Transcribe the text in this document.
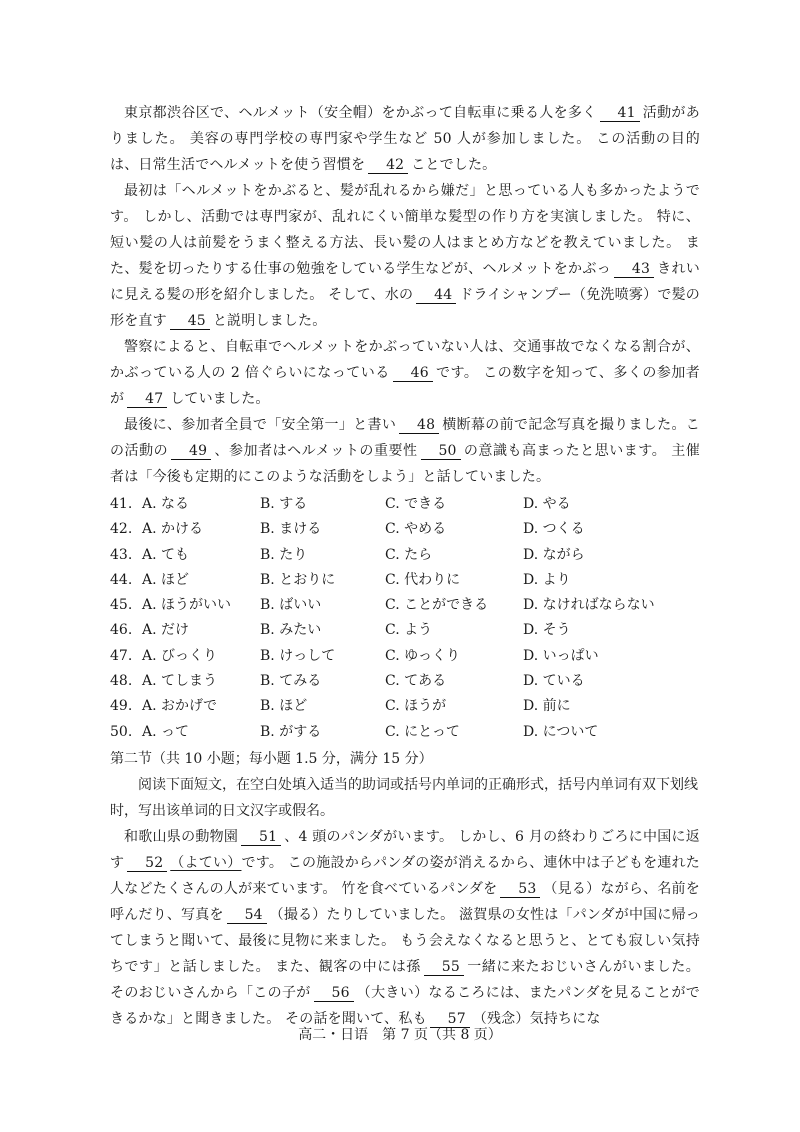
東京都渋谷区で、ヘルメット（安全帽）をかぶって自転車に乗る人を多く 41 活動がありました。 美容の専門学校の専門家や学生など 50 人が参加しました。 この活動の目的は、日常生活でヘルメットを使う習慣を 42 ことでした。

最初は「ヘルメットをかぶると、髪が乱れるから嫌だ」と思っている人も多かったようです。 しかし、活動では専門家が、乱れにくい簡単な髪型の作り方を実演しました。 特に、短い髪の人は前髪をうまく整える方法、長い髪の人はまとめ方などを教えていました。 また、髪を切ったりする仕事の勉強をしている学生などが、ヘルメットをかぶっ 43 きれいに見える髪の形を紹介しました。 そして、水の 44 ドライシャンプー（免洗喷雾）で髪の形を直す 45 と説明しました。

警察によると、自転車でヘルメットをかぶっていない人は、交通事故でなくなる割合が、かぶっている人の 2 倍ぐらいになっている 46 です。 この数字を知って、多くの参加者が 47 していました。

最後に、参加者全員で「安全第一」と書い 48 横断幕の前で記念写真を撮りました。この活動の 49 、参加者はヘルメットの重要性 50 の意識も高まったと思います。 主催者は「今後も定期的にこのような活動をしよう」と話していました。

41. A. なる	B. する	C. できる	D. やる
42. A. かける	B. まける	C. やめる	D. つくる
43. A. ても	B. たり	C. たら	D. ながら
44. A. ほど	B. とおりに	C. 代わりに	D. より
45. A. ほうがいい	B. ばいい	C. ことができる	D. なければならない
46. A. だけ	B. みたい	C. よう	D. そう
47. A. びっくり	B. けっして	C. ゆっくり	D. いっぱい
48. A. てしまう	B. てみる	C. てある	D. ている
49. A. おかげで	B. ほど	C. ほうが	D. 前に
50. A. って	B. がする	C. にとって	D. について
第二节（共 10 小题；每小题 1.5 分，满分 15 分）

阅读下面短文，在空白处填入适当的助词或括号内单词的正确形式，括号内单词有双下划线时，写出该单词的日文汉字或假名。

和歌山県の動物園 51 、4 頭のパンダがいます。 しかし、6 月の終わりごろに中国に返す 52 （よてい）です。 この施設からパンダの姿が消えるから、連休中は子どもを連れた人などたくさんの人が来ています。 竹を食べているパンダを 53 （見る）ながら、名前を呼んだり、写真を 54 （撮る）たりしていました。 滋賀県の女性は「パンダが中国に帰ってしまうと聞いて、最後に見物に来ました。 もう会えなくなると思うと、とても寂しい気持ちです」と話しました。 また、観客の中には孫 55 一緒に来たおじいさんがいました。 そのおじいさんから「この子が 56 （大きい）なるころには、またパンダを見ることができるかな」と聞きました。 その話を聞いて、私も 57 （残念）気持ちにな

高二・日语　第 7 页（共 8 页）
